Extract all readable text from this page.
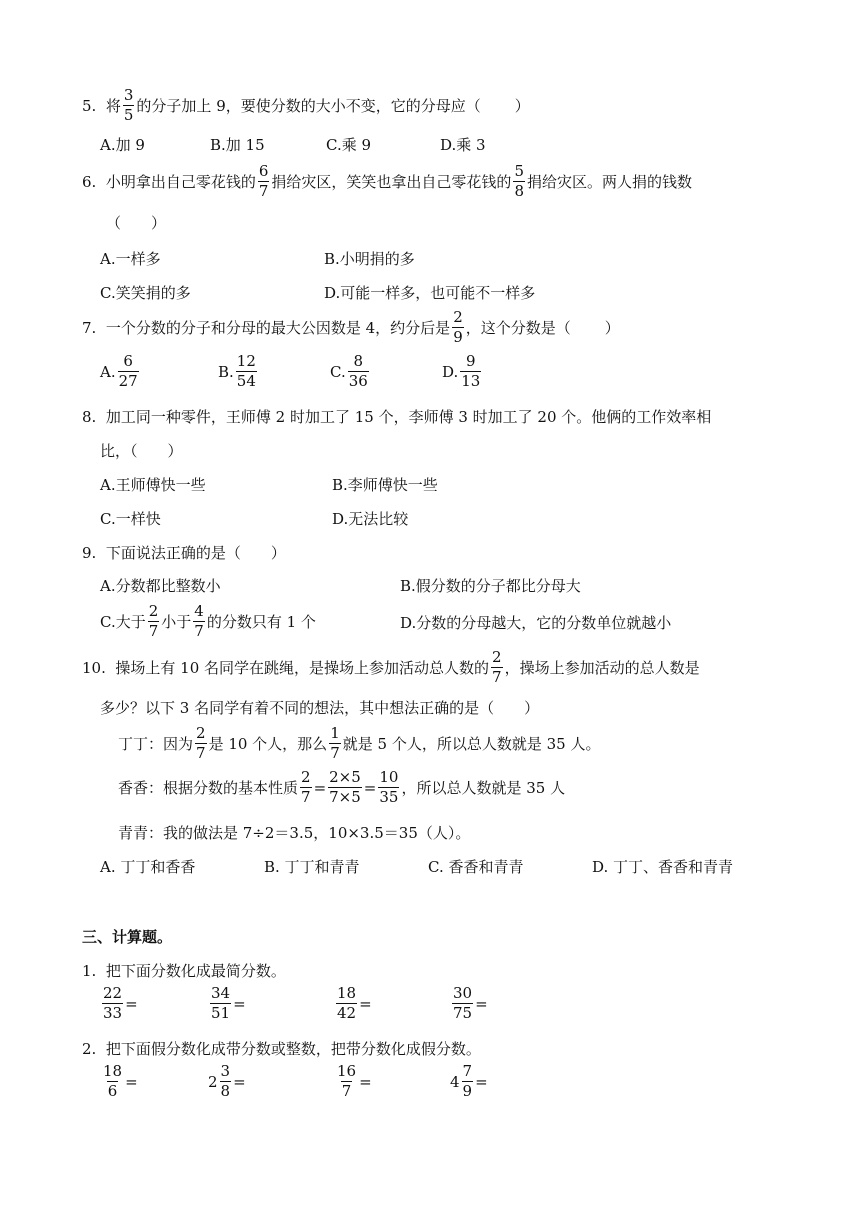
5.
将 $\frac{3}{5}$ 的分子加上 9，要使分数的大小不变，它的分母应（ ）
A.加 9	B.加 15	C.乘 9	D.乘 3
6.
小明拿出自己零花钱的 $\frac{6}{7}$ 捐给灾区，笑笑也拿出自己零花钱的 $\frac{5}{8}$ 捐给灾区。两人捐的钱数
（　　）
A.一样多	B.小明捐的多
C.笑笑捐的多	D.可能一样多，也可能不一样多
7.
一个分数的分子和分母的最大公因数是 4，约分后是 $\frac{2}{9}$ ，这个分数是（ ）
A. $\frac{6}{27}$	B. $\frac{12}{54}$	C. $\frac{8}{36}$	D. $\frac{9}{13}$
8.
加工同一种零件，王师傅 2 时加工了 15 个，李师傅 3 时加工了 20 个。他俩的工作效率相
比，（　　）
A.王师傅快一些	B.李师傅快一些
C.一样快	D.无法比较
9.
下面说法正确的是（　　）
A.分数都比整数小	B.假分数的分子都比分母大
C.大于 $\frac{2}{7}$ 小于 $\frac{4}{7}$ 的分数只有 1 个	D.分数的分母越大，它的分数单位就越小
10.
操场上有 10 名同学在跳绳，是操场上参加活动总人数的 $\frac{2}{7}$ ，操场上参加活动的总人数是
多少？以下 3 名同学有着不同的想法，其中想法正确的是（　　）
丁丁：因为 $\frac{2}{7}$ 是 10 个人，那么 $\frac{1}{7}$ 就是 5 个人，所以总人数就是 35 人。
香香：根据分数的基本性质 $\frac{2}{7} = \frac{2\times 5}{7\times 5} = \frac{10}{35}$ ，所以总人数就是 35 人
青青：我的做法是 7÷2＝3.5，10×3.5＝35（人）。
A. 丁丁和香香	B. 丁丁和青青	C. 香香和青青	D. 丁丁、香香和青青
三、计算题。
1.
把下面分数化成最简分数。
$\frac{22}{33}$ =	$\frac{34}{51}$ =	$\frac{18}{42}$ =	$\frac{30}{75}$ =
2.
把下面假分数化成带分数或整数，把带分数化成假分数。
$\frac{18}{6}$ =	$2 \frac{3}{8}$ =	$\frac{16}{7}$ =	$4 \frac{7}{9}$ =
